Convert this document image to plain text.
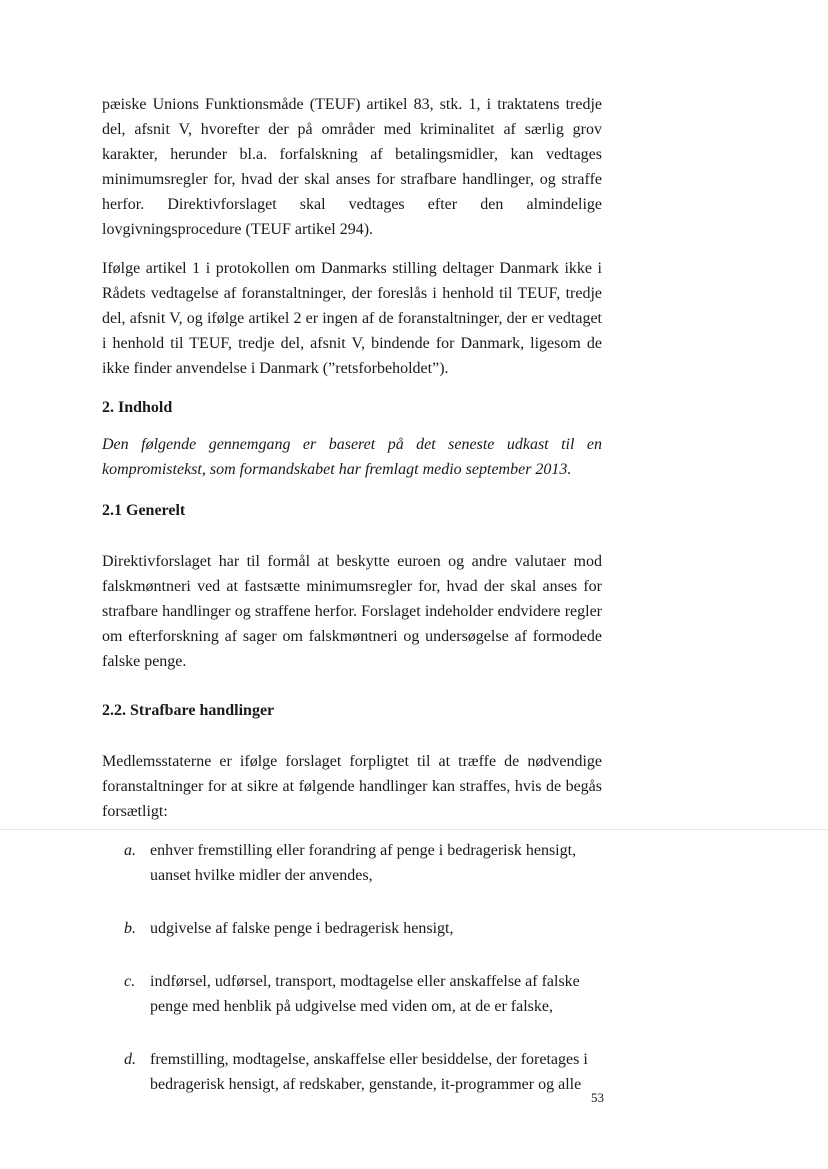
pæiske Unions Funktionsmåde (TEUF) artikel 83, stk. 1, i traktatens tredje del, afsnit V, hvorefter der på områder med kriminalitet af særlig grov karakter, herunder bl.a. forfalskning af betalingsmidler, kan vedtages minimumsregler for, hvad der skal anses for strafbare handlinger, og straffe herfor. Direktivforslaget skal vedtages efter den almindelige lovgivningsprocedure (TEUF artikel 294).

Ifølge artikel 1 i protokollen om Danmarks stilling deltager Danmark ikke i Rådets vedtagelse af foranstaltninger, der foreslås i henhold til TEUF, tredje del, afsnit V, og ifølge artikel 2 er ingen af de foranstaltninger, der er vedtaget i henhold til TEUF, tredje del, afsnit V, bindende for Danmark, ligesom de ikke finder anvendelse i Danmark (”retsforbeholdet”).

2. Indhold

Den følgende gennemgang er baseret på det seneste udkast til en kompromistekst, som formandskabet har fremlagt medio september 2013.

2.1 Generelt

Direktivforslaget har til formål at beskytte euroen og andre valutaer mod falskmøntneri ved at fastsætte minimumsregler for, hvad der skal anses for strafbare handlinger og straffene herfor. Forslaget indeholder endvidere regler om efterforskning af sager om falskmøntneri og undersøgelse af formodede falske penge.

2.2. Strafbare handlinger

Medlemsstaterne er ifølge forslaget forpligtet til at træffe de nødvendige foranstaltninger for at sikre at følgende handlinger kan straffes, hvis de begås forsætligt:

a. enhver fremstilling eller forandring af penge i bedragerisk hensigt, uanset hvilke midler der anvendes,
b. udgivelse af falske penge i bedragerisk hensigt,
c. indførsel, udførsel, transport, modtagelse eller anskaffelse af falske penge med henblik på udgivelse med viden om, at de er falske,
d. fremstilling, modtagelse, anskaffelse eller besiddelse, der foretages i bedragerisk hensigt, af redskaber, genstande, it-programmer og alle
53
